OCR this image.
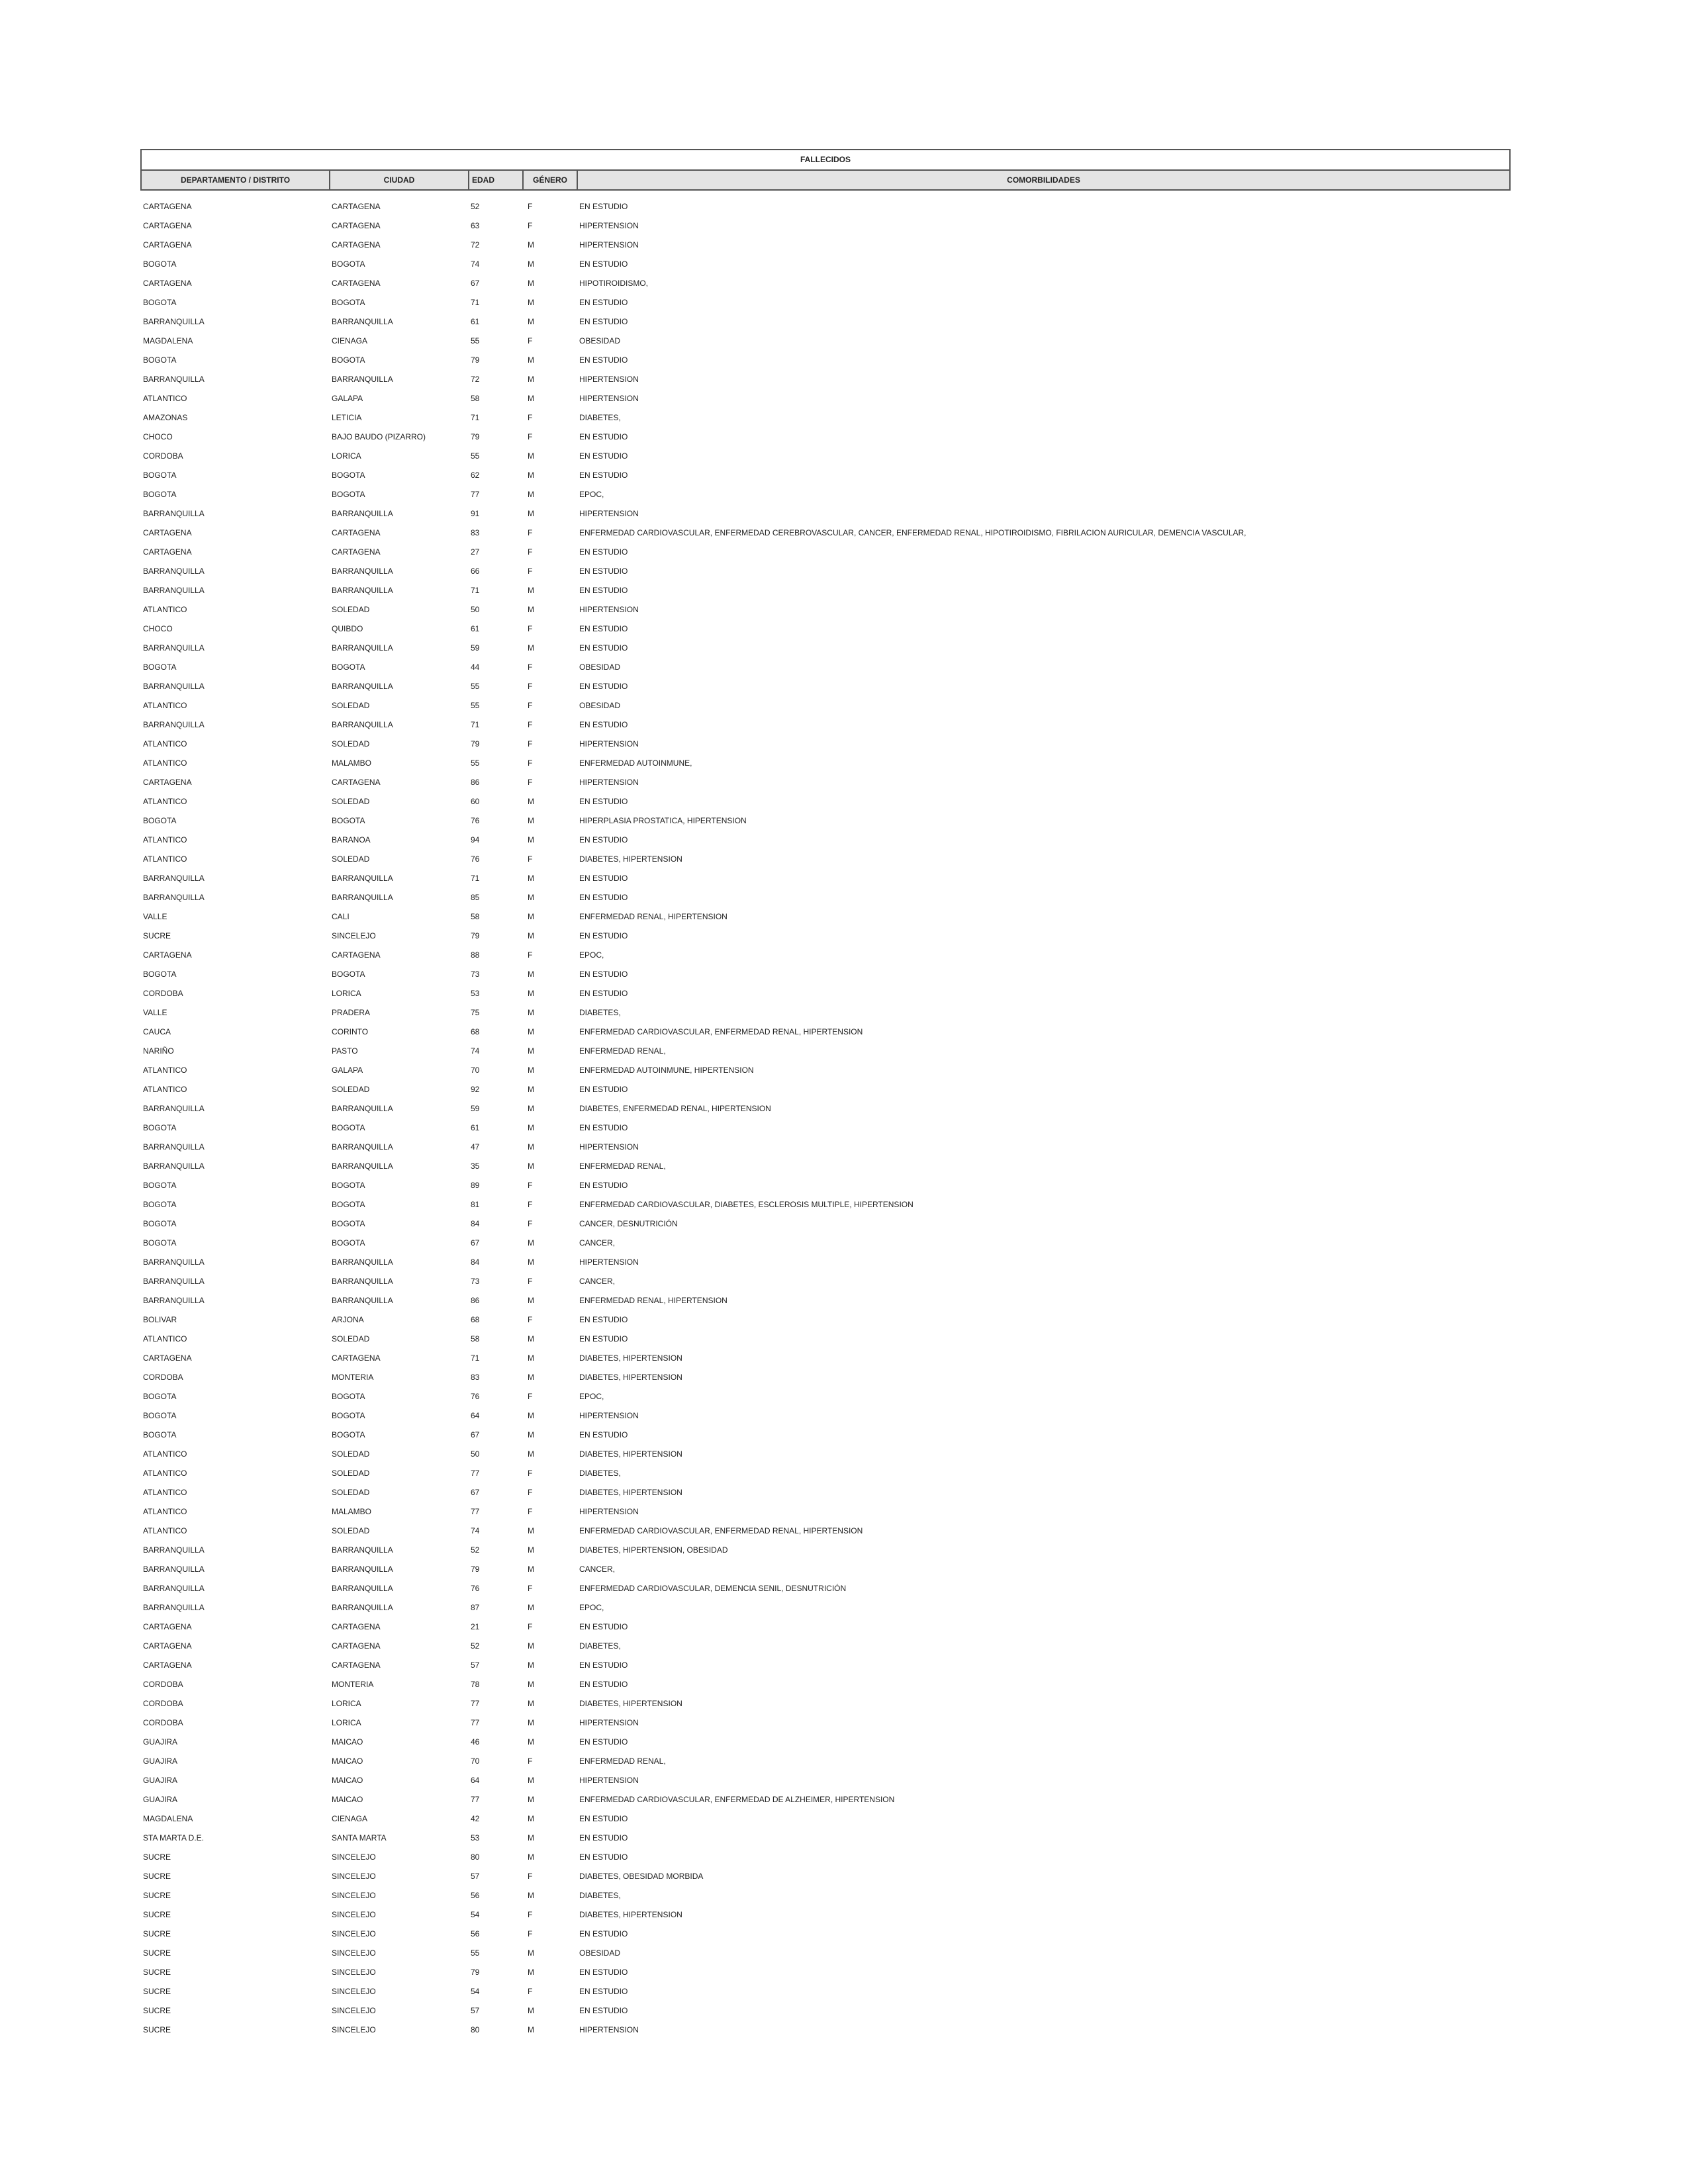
FALLECIDOS
DEPARTAMENTO / DISTRITO	CIUDAD	EDAD	GÉNERO	COMORBILIDADES
CARTAGENA	CARTAGENA	52	F	EN ESTUDIO
CARTAGENA	CARTAGENA	63	F	HIPERTENSION
CARTAGENA	CARTAGENA	72	M	HIPERTENSION
BOGOTA	BOGOTA	74	M	EN ESTUDIO
CARTAGENA	CARTAGENA	67	M	HIPOTIROIDISMO,
BOGOTA	BOGOTA	71	M	EN ESTUDIO
BARRANQUILLA	BARRANQUILLA	61	M	EN ESTUDIO
MAGDALENA	CIENAGA	55	F	OBESIDAD
BOGOTA	BOGOTA	79	M	EN ESTUDIO
BARRANQUILLA	BARRANQUILLA	72	M	HIPERTENSION
ATLANTICO	GALAPA	58	M	HIPERTENSION
AMAZONAS	LETICIA	71	F	DIABETES,
CHOCO	BAJO BAUDO (PIZARRO)	79	F	EN ESTUDIO
CORDOBA	LORICA	55	M	EN ESTUDIO
BOGOTA	BOGOTA	62	M	EN ESTUDIO
BOGOTA	BOGOTA	77	M	EPOC,
BARRANQUILLA	BARRANQUILLA	91	M	HIPERTENSION
CARTAGENA	CARTAGENA	83	F	ENFERMEDAD CARDIOVASCULAR, ENFERMEDAD CEREBROVASCULAR, CANCER, ENFERMEDAD RENAL, HIPOTIROIDISMO, FIBRILACION AURICULAR, DEMENCIA VASCULAR,
CARTAGENA	CARTAGENA	27	F	EN ESTUDIO
BARRANQUILLA	BARRANQUILLA	66	F	EN ESTUDIO
BARRANQUILLA	BARRANQUILLA	71	M	EN ESTUDIO
ATLANTICO	SOLEDAD	50	M	HIPERTENSION
CHOCO	QUIBDO	61	F	EN ESTUDIO
BARRANQUILLA	BARRANQUILLA	59	M	EN ESTUDIO
BOGOTA	BOGOTA	44	F	OBESIDAD
BARRANQUILLA	BARRANQUILLA	55	F	EN ESTUDIO
ATLANTICO	SOLEDAD	55	F	OBESIDAD
BARRANQUILLA	BARRANQUILLA	71	F	EN ESTUDIO
ATLANTICO	SOLEDAD	79	F	HIPERTENSION
ATLANTICO	MALAMBO	55	F	ENFERMEDAD AUTOINMUNE,
CARTAGENA	CARTAGENA	86	F	HIPERTENSION
ATLANTICO	SOLEDAD	60	M	EN ESTUDIO
BOGOTA	BOGOTA	76	M	HIPERPLASIA PROSTATICA, HIPERTENSION
ATLANTICO	BARANOA	94	M	EN ESTUDIO
ATLANTICO	SOLEDAD	76	F	DIABETES, HIPERTENSION
BARRANQUILLA	BARRANQUILLA	71	M	EN ESTUDIO
BARRANQUILLA	BARRANQUILLA	85	M	EN ESTUDIO
VALLE	CALI	58	M	ENFERMEDAD RENAL, HIPERTENSION
SUCRE	SINCELEJO	79	M	EN ESTUDIO
CARTAGENA	CARTAGENA	88	F	EPOC,
BOGOTA	BOGOTA	73	M	EN ESTUDIO
CORDOBA	LORICA	53	M	EN ESTUDIO
VALLE	PRADERA	75	M	DIABETES,
CAUCA	CORINTO	68	M	ENFERMEDAD CARDIOVASCULAR, ENFERMEDAD RENAL, HIPERTENSION
NARIÑO	PASTO	74	M	ENFERMEDAD RENAL,
ATLANTICO	GALAPA	70	M	ENFERMEDAD AUTOINMUNE, HIPERTENSION
ATLANTICO	SOLEDAD	92	M	EN ESTUDIO
BARRANQUILLA	BARRANQUILLA	59	M	DIABETES, ENFERMEDAD RENAL, HIPERTENSION
BOGOTA	BOGOTA	61	M	EN ESTUDIO
BARRANQUILLA	BARRANQUILLA	47	M	HIPERTENSION
BARRANQUILLA	BARRANQUILLA	35	M	ENFERMEDAD RENAL,
BOGOTA	BOGOTA	89	F	EN ESTUDIO
BOGOTA	BOGOTA	81	F	ENFERMEDAD CARDIOVASCULAR, DIABETES, ESCLEROSIS MULTIPLE, HIPERTENSION
BOGOTA	BOGOTA	84	F	CANCER, DESNUTRICIÓN
BOGOTA	BOGOTA	67	M	CANCER,
BARRANQUILLA	BARRANQUILLA	84	M	HIPERTENSION
BARRANQUILLA	BARRANQUILLA	73	F	CANCER,
BARRANQUILLA	BARRANQUILLA	86	M	ENFERMEDAD RENAL, HIPERTENSION
BOLIVAR	ARJONA	68	F	EN ESTUDIO
ATLANTICO	SOLEDAD	58	M	EN ESTUDIO
CARTAGENA	CARTAGENA	71	M	DIABETES, HIPERTENSION
CORDOBA	MONTERIA	83	M	DIABETES, HIPERTENSION
BOGOTA	BOGOTA	76	F	EPOC,
BOGOTA	BOGOTA	64	M	HIPERTENSION
BOGOTA	BOGOTA	67	M	EN ESTUDIO
ATLANTICO	SOLEDAD	50	M	DIABETES, HIPERTENSION
ATLANTICO	SOLEDAD	77	F	DIABETES,
ATLANTICO	SOLEDAD	67	F	DIABETES, HIPERTENSION
ATLANTICO	MALAMBO	77	F	HIPERTENSION
ATLANTICO	SOLEDAD	74	M	ENFERMEDAD CARDIOVASCULAR, ENFERMEDAD RENAL, HIPERTENSION
BARRANQUILLA	BARRANQUILLA	52	M	DIABETES, HIPERTENSION, OBESIDAD
BARRANQUILLA	BARRANQUILLA	79	M	CANCER,
BARRANQUILLA	BARRANQUILLA	76	F	ENFERMEDAD CARDIOVASCULAR, DEMENCIA SENIL, DESNUTRICIÓN
BARRANQUILLA	BARRANQUILLA	87	M	EPOC,
CARTAGENA	CARTAGENA	21	F	EN ESTUDIO
CARTAGENA	CARTAGENA	52	M	DIABETES,
CARTAGENA	CARTAGENA	57	M	EN ESTUDIO
CORDOBA	MONTERIA	78	M	EN ESTUDIO
CORDOBA	LORICA	77	M	DIABETES, HIPERTENSION
CORDOBA	LORICA	77	M	HIPERTENSION
GUAJIRA	MAICAO	46	M	EN ESTUDIO
GUAJIRA	MAICAO	70	F	ENFERMEDAD RENAL,
GUAJIRA	MAICAO	64	M	HIPERTENSION
GUAJIRA	MAICAO	77	M	ENFERMEDAD CARDIOVASCULAR, ENFERMEDAD DE ALZHEIMER, HIPERTENSION
MAGDALENA	CIENAGA	42	M	EN ESTUDIO
STA MARTA D.E.	SANTA MARTA	53	M	EN ESTUDIO
SUCRE	SINCELEJO	80	M	EN ESTUDIO
SUCRE	SINCELEJO	57	F	DIABETES, OBESIDAD MORBIDA
SUCRE	SINCELEJO	56	M	DIABETES,
SUCRE	SINCELEJO	54	F	DIABETES, HIPERTENSION
SUCRE	SINCELEJO	56	F	EN ESTUDIO
SUCRE	SINCELEJO	55	M	OBESIDAD
SUCRE	SINCELEJO	79	M	EN ESTUDIO
SUCRE	SINCELEJO	54	F	EN ESTUDIO
SUCRE	SINCELEJO	57	M	EN ESTUDIO
SUCRE	SINCELEJO	80	M	HIPERTENSION
